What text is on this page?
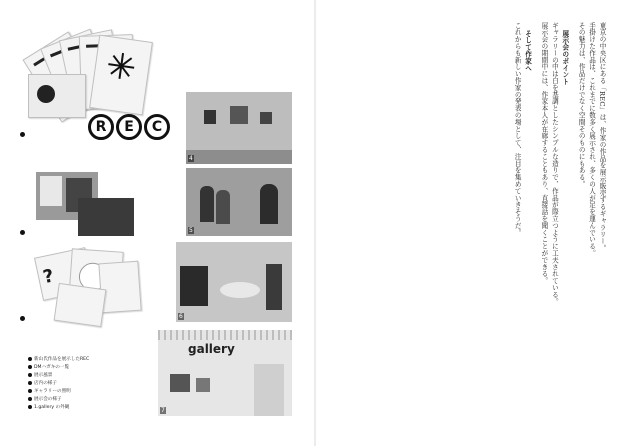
R E C
?
4
5
6
gallery
7
新山氏作品を展示したREC
DMハガキの一覧
展示風景
店内の様子
ギャラリーの照明
展示会の様子
1.gallery の外観

東京の中央区にある「REC」は、作家の作品を展示販売するギャラリー。

手掛けた作品は、これまでに数多く展示され、多くの人が足を運んでいる。

その魅力は、作品だけでなく空間そのものにもある。

展示会のポイント

ギャラリーの中は白を基調としたシンプルな造りで、作品が際立つように工夫されている。

展示会の期間中には、作家本人が在廊することもあり、直接話を聞くことができる。

そして作家へ

これからも新しい作家の発表の場として、注目を集めていきそうだ。
